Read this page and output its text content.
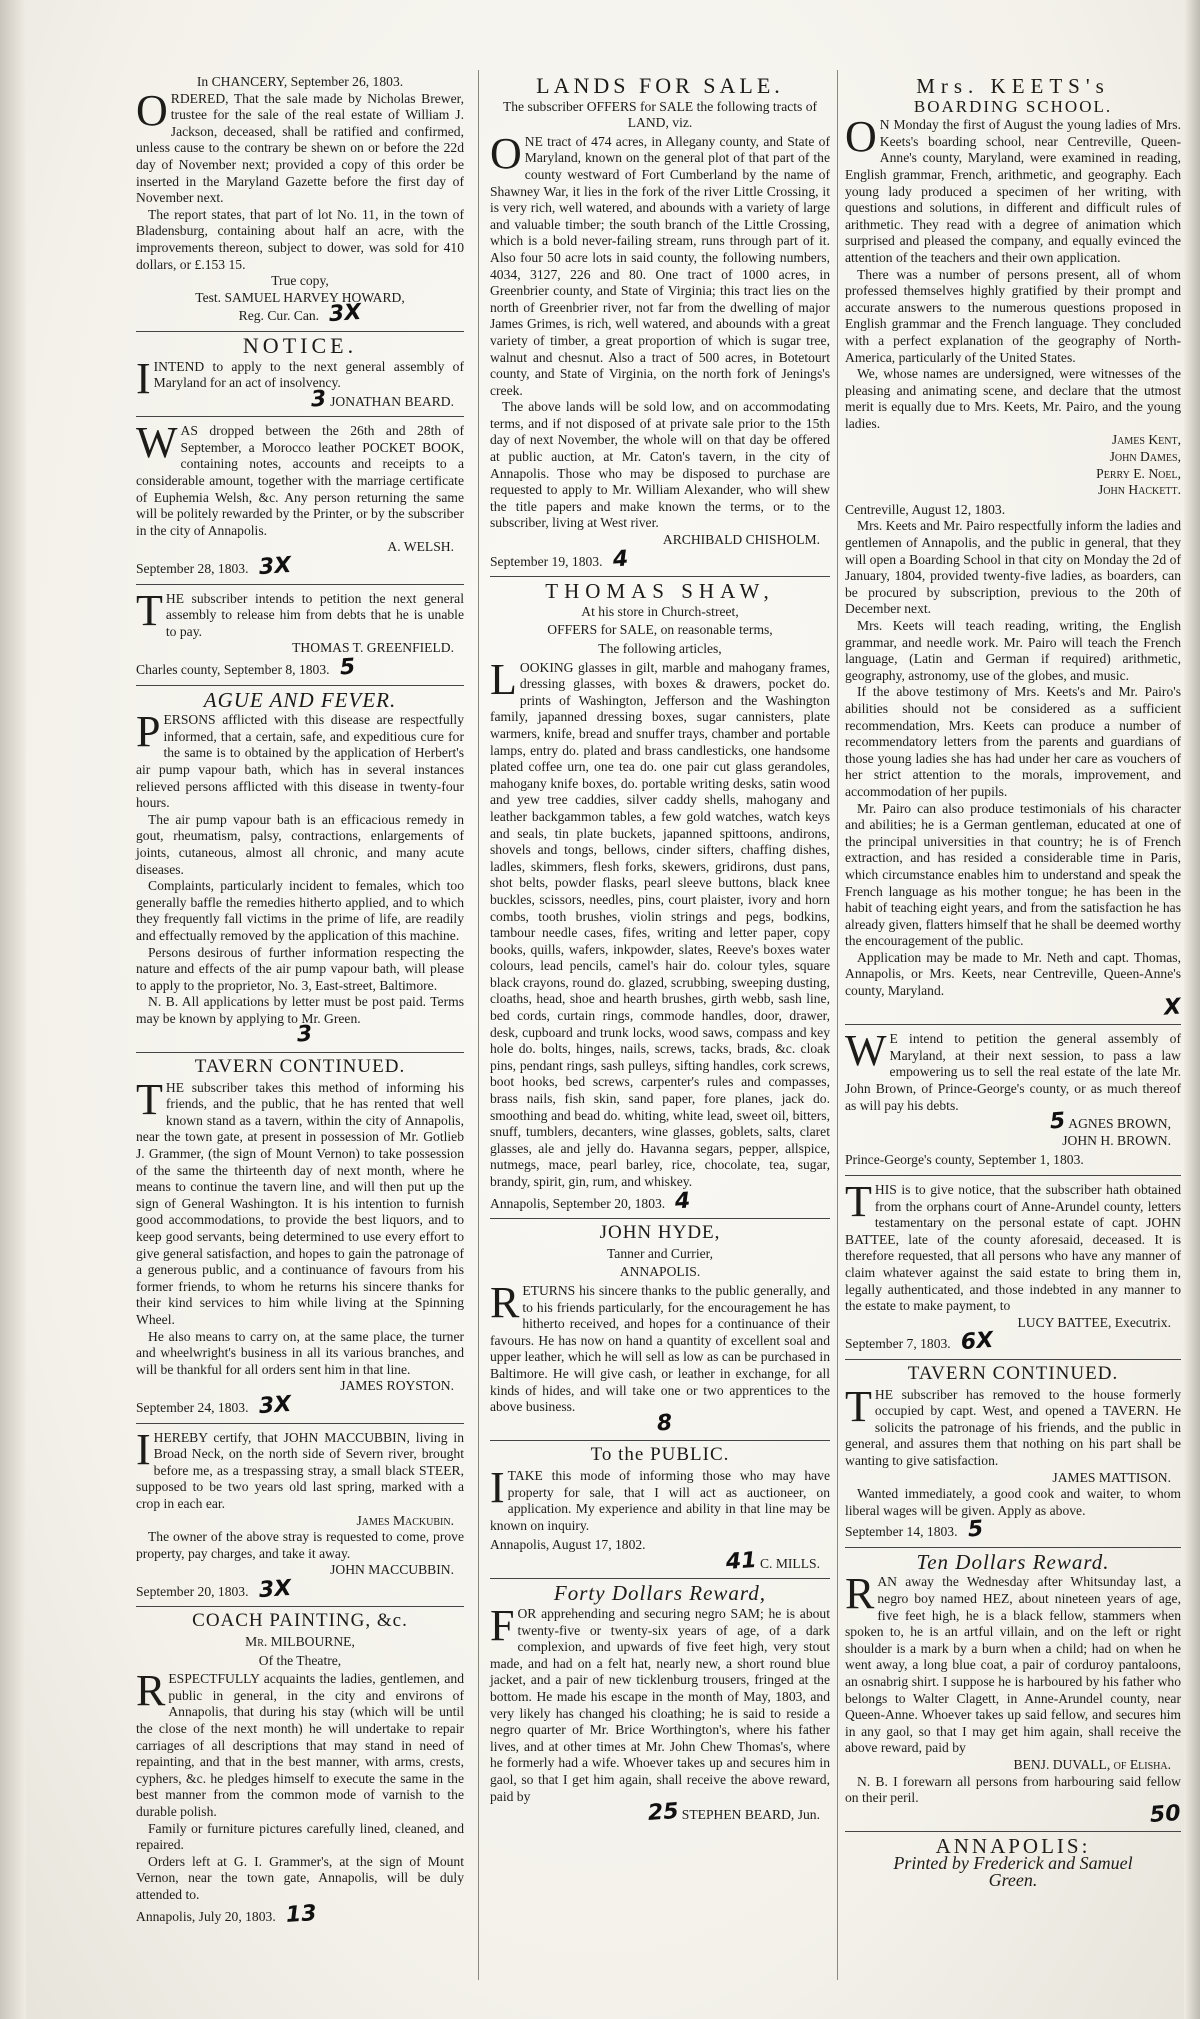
In CHANCERY, September 26, 1803.

ORDERED, That the sale made by Nicholas Brewer, trustee for the sale of the real estate of William J. Jackson, deceased, shall be ratified and confirmed, unless cause to the contrary be shewn on or before the 22d day of November next; provided a copy of this order be inserted in the Maryland Gazette before the first day of November next.

The report states, that part of lot No. 11, in the town of Bladensburg, containing about half an acre, with the improvements thereon, subject to dower, was sold for 410 dollars, or £.153 15.

True copy,
Test. SAMUEL HARVEY HOWARD,
Reg. Cur. Can. 3X
NOTICE.

IINTEND to apply to the next general assembly of Maryland for an act of insolvency.

3 JONATHAN BEARD.

WAS dropped between the 26th and 28th of September, a Morocco leather POCKET BOOK, containing notes, accounts and receipts to a considerable amount, together with the marriage certificate of Euphemia Welsh, &c. Any person returning the same will be politely rewarded by the Printer, or by the subscriber in the city of Annapolis.

A. WELSH.
September 28, 1803. 3X

THE subscriber intends to petition the next general assembly to release him from debts that he is unable to pay.

THOMAS T. GREENFIELD.
Charles county, September 8, 1803. 5
AGUE AND FEVER.

PERSONS afflicted with this disease are respectfully informed, that a certain, safe, and expeditious cure for the same is to obtained by the application of Herbert's air pump vapour bath, which has in several instances relieved persons afflicted with this disease in twenty-four hours.

The air pump vapour bath is an efficacious remedy in gout, rheumatism, palsy, contractions, enlargements of joints, cutaneous, almost all chronic, and many acute diseases.

Complaints, particularly incident to females, which too generally baffle the remedies hitherto applied, and to which they frequently fall victims in the prime of life, are readily and effectually removed by the application of this machine.

Persons desirous of further information respecting the nature and effects of the air pump vapour bath, will please to apply to the proprietor, No. 3, East-street, Baltimore.

N. B. All applications by letter must be post paid. Terms may be known by applying to Mr. Green.

3
TAVERN CONTINUED.

THE subscriber takes this method of informing his friends, and the public, that he has rented that well known stand as a tavern, within the city of Annapolis, near the town gate, at present in possession of Mr. Gotlieb J. Grammer, (the sign of Mount Vernon) to take possession of the same the thirteenth day of next month, where he means to continue the tavern line, and will then put up the sign of General Washington. It is his intention to furnish good accommodations, to provide the best liquors, and to keep good servants, being determined to use every effort to give general satisfaction, and hopes to gain the patronage of a generous public, and a continuance of favours from his former friends, to whom he returns his sincere thanks for their kind services to him while living at the Spinning Wheel.

He also means to carry on, at the same place, the turner and wheelwright's business in all its various branches, and will be thankful for all orders sent him in that line.

JAMES ROYSTON.
September 24, 1803. 3X

IHEREBY certify, that JOHN MACCUBBIN, living in Broad Neck, on the north side of Severn river, brought before me, as a trespassing stray, a small black STEER, supposed to be two years old last spring, marked with a crop in each ear.

James Mackubin.

The owner of the above stray is requested to come, prove property, pay charges, and take it away.

JOHN MACCUBBIN.
September 20, 1803. 3X
COACH PAINTING, &c.
Mr. MILBOURNE,
Of the Theatre,

RESPECTFULLY acquaints the ladies, gentlemen, and public in general, in the city and environs of Annapolis, that during his stay (which will be until the close of the next month) he will undertake to repair carriages of all descriptions that may stand in need of repainting, and that in the best manner, with arms, crests, cyphers, &c. he pledges himself to execute the same in the best manner from the common mode of varnish to the durable polish.

Family or furniture pictures carefully lined, cleaned, and repaired.

Orders left at G. I. Grammer's, at the sign of Mount Vernon, near the town gate, Annapolis, will be duly attended to.

Annapolis, July 20, 1803. 13
LANDS FOR SALE.
The subscriber OFFERS for SALE the following tracts of LAND, viz.

ONE tract of 474 acres, in Allegany county, and State of Maryland, known on the general plot of that part of the county westward of Fort Cumberland by the name of Shawney War, it lies in the fork of the river Little Crossing, it is very rich, well watered, and abounds with a variety of large and valuable timber; the south branch of the Little Crossing, which is a bold never-failing stream, runs through part of it. Also four 50 acre lots in said county, the following numbers, 4034, 3127, 226 and 80. One tract of 1000 acres, in Greenbrier county, and State of Virginia; this tract lies on the north of Greenbrier river, not far from the dwelling of major James Grimes, is rich, well watered, and abounds with a great variety of timber, a great proportion of which is sugar tree, walnut and chesnut. Also a tract of 500 acres, in Botetourt county, and State of Virginia, on the north fork of Jenings's creek.

The above lands will be sold low, and on accommodating terms, and if not disposed of at private sale prior to the 15th day of next November, the whole will on that day be offered at public auction, at Mr. Caton's tavern, in the city of Annapolis. Those who may be disposed to purchase are requested to apply to Mr. William Alexander, who will shew the title papers and make known the terms, or to the subscriber, living at West river.

ARCHIBALD CHISHOLM.
September 19, 1803. 4
THOMAS SHAW,
At his store in Church-street,
OFFERS for SALE, on reasonable terms,
The following articles,

LOOKING glasses in gilt, marble and mahogany frames, dressing glasses, with boxes & drawers, pocket do. prints of Washington, Jefferson and the Washington family, japanned dressing boxes, sugar cannisters, plate warmers, knife, bread and snuffer trays, chamber and portable lamps, entry do. plated and brass candlesticks, one handsome plated coffee urn, one tea do. one pair cut glass gerandoles, mahogany knife boxes, do. portable writing desks, satin wood and yew tree caddies, silver caddy shells, mahogany and leather backgammon tables, a few gold watches, watch keys and seals, tin plate buckets, japanned spittoons, andirons, shovels and tongs, bellows, cinder sifters, chaffing dishes, ladles, skimmers, flesh forks, skewers, gridirons, dust pans, shot belts, powder flasks, pearl sleeve buttons, black knee buckles, scissors, needles, pins, court plaister, ivory and horn combs, tooth brushes, violin strings and pegs, bodkins, tambour needle cases, fifes, writing and letter paper, copy books, quills, wafers, inkpowder, slates, Reeve's boxes water colours, lead pencils, camel's hair do. colour tyles, square black crayons, round do. glazed, scrubbing, sweeping dusting, cloaths, head, shoe and hearth brushes, girth webb, sash line, bed cords, curtain rings, commode handles, door, drawer, desk, cupboard and trunk locks, wood saws, compass and key hole do. bolts, hinges, nails, screws, tacks, brads, &c. cloak pins, pendant rings, sash pulleys, sifting handles, cork screws, boot hooks, bed screws, carpenter's rules and compasses, brass nails, fish skin, sand paper, fore planes, jack do. smoothing and bead do. whiting, white lead, sweet oil, bitters, snuff, tumblers, decanters, wine glasses, goblets, salts, claret glasses, ale and jelly do. Havanna segars, pepper, allspice, nutmegs, mace, pearl barley, rice, chocolate, tea, sugar, brandy, spirit, gin, rum, and whiskey.

Annapolis, September 20, 1803. 4
JOHN HYDE,
Tanner and Currier,
ANNAPOLIS.

RETURNS his sincere thanks to the public generally, and to his friends particularly, for the encouragement he has hitherto received, and hopes for a continuance of their favours. He has now on hand a quantity of excellent soal and upper leather, which he will sell as low as can be purchased in Baltimore. He will give cash, or leather in exchange, for all kinds of hides, and will take one or two apprentices to the above business.

8
To the PUBLIC.

ITAKE this mode of informing those who may have property for sale, that I will act as auctioneer, on application. My experience and ability in that line may be known on inquiry.

Annapolis, August 17, 1802.
41 C. MILLS.
Forty Dollars Reward,

FOR apprehending and securing negro SAM; he is about twenty-five or twenty-six years of age, of a dark complexion, and upwards of five feet high, very stout made, and had on a felt hat, nearly new, a short round blue jacket, and a pair of new ticklenburg trousers, fringed at the bottom. He made his escape in the month of May, 1803, and very likely has changed his cloathing; he is said to reside a negro quarter of Mr. Brice Worthington's, where his father lives, and at other times at Mr. John Chew Thomas's, where he formerly had a wife. Whoever takes up and secures him in gaol, so that I get him again, shall receive the above reward, paid by

25 STEPHEN BEARD, Jun.
Mrs. KEETS's
BOARDING SCHOOL.

ON Monday the first of August the young ladies of Mrs. Keets's boarding school, near Centreville, Queen-Anne's county, Maryland, were examined in reading, English grammar, French, arithmetic, and geography. Each young lady produced a specimen of her writing, with questions and solutions, in different and difficult rules of arithmetic. They read with a degree of animation which surprised and pleased the company, and equally evinced the attention of the teachers and their own application.

There was a number of persons present, all of whom professed themselves highly gratified by their prompt and accurate answers to the numerous questions proposed in English grammar and the French language. They concluded with a perfect explanation of the geography of North-America, particularly of the United States.

We, whose names are undersigned, were witnesses of the pleasing and animating scene, and declare that the utmost merit is equally due to Mrs. Keets, Mr. Pairo, and the young ladies.

James Kent,
John Dames,
Perry E. Noel,
John Hackett.
Centreville, August 12, 1803.

Mrs. Keets and Mr. Pairo respectfully inform the ladies and gentlemen of Annapolis, and the public in general, that they will open a Boarding School in that city on Monday the 2d of January, 1804, provided twenty-five ladies, as boarders, can be procured by subscription, previous to the 20th of December next.

Mrs. Keets will teach reading, writing, the English grammar, and needle work. Mr. Pairo will teach the French language, (Latin and German if required) arithmetic, geography, astronomy, use of the globes, and music.

If the above testimony of Mrs. Keets's and Mr. Pairo's abilities should not be considered as a sufficient recommendation, Mrs. Keets can produce a number of recommendatory letters from the parents and guardians of those young ladies she has had under her care as vouchers of her strict attention to the morals, improvement, and accommodation of her pupils.

Mr. Pairo can also produce testimonials of his character and abilities; he is a German gentleman, educated at one of the principal universities in that country; he is of French extraction, and has resided a considerable time in Paris, which circumstance enables him to understand and speak the French language as his mother tongue; he has been in the habit of teaching eight years, and from the satisfaction he has already given, flatters himself that he shall be deemed worthy the encouragement of the public.

Application may be made to Mr. Neth and capt. Thomas, Annapolis, or Mrs. Keets, near Centreville, Queen-Anne's county, Maryland.

X

WE intend to petition the general assembly of Maryland, at their next session, to pass a law empowering us to sell the real estate of the late Mr. John Brown, of Prince-George's county, or as much thereof as will pay his debts.

5 AGNES BROWN,
JOHN H. BROWN.
Prince-George's county, September 1, 1803.

THIS is to give notice, that the subscriber hath obtained from the orphans court of Anne-Arundel county, letters testamentary on the personal estate of capt. JOHN BATTEE, late of the county aforesaid, deceased. It is therefore requested, that all persons who have any manner of claim whatever against the said estate to bring them in, legally authenticated, and those indebted in any manner to the estate to make payment, to

LUCY BATTEE, Executrix.
September 7, 1803. 6X
TAVERN CONTINUED.

THE subscriber has removed to the house formerly occupied by capt. West, and opened a TAVERN. He solicits the patronage of his friends, and the public in general, and assures them that nothing on his part shall be wanting to give satisfaction.

JAMES MATTISON.

Wanted immediately, a good cook and waiter, to whom liberal wages will be given. Apply as above.

September 14, 1803. 5
Ten Dollars Reward.

RAN away the Wednesday after Whitsunday last, a negro boy named HEZ, about nineteen years of age, five feet high, he is a black fellow, stammers when spoken to, he is an artful villain, and on the left or right shoulder is a mark by a burn when a child; had on when he went away, a long blue coat, a pair of corduroy pantaloons, an osnabrig shirt. I suppose he is harboured by his father who belongs to Walter Clagett, in Anne-Arundel county, near Queen-Anne. Whoever takes up said fellow, and secures him in any gaol, so that I may get him again, shall receive the above reward, paid by

BENJ. DUVALL, of Elisha.

N. B. I forewarn all persons from harbouring said fellow on their peril.

50
ANNAPOLIS:
Printed by Frederick and Samuel
Green.
